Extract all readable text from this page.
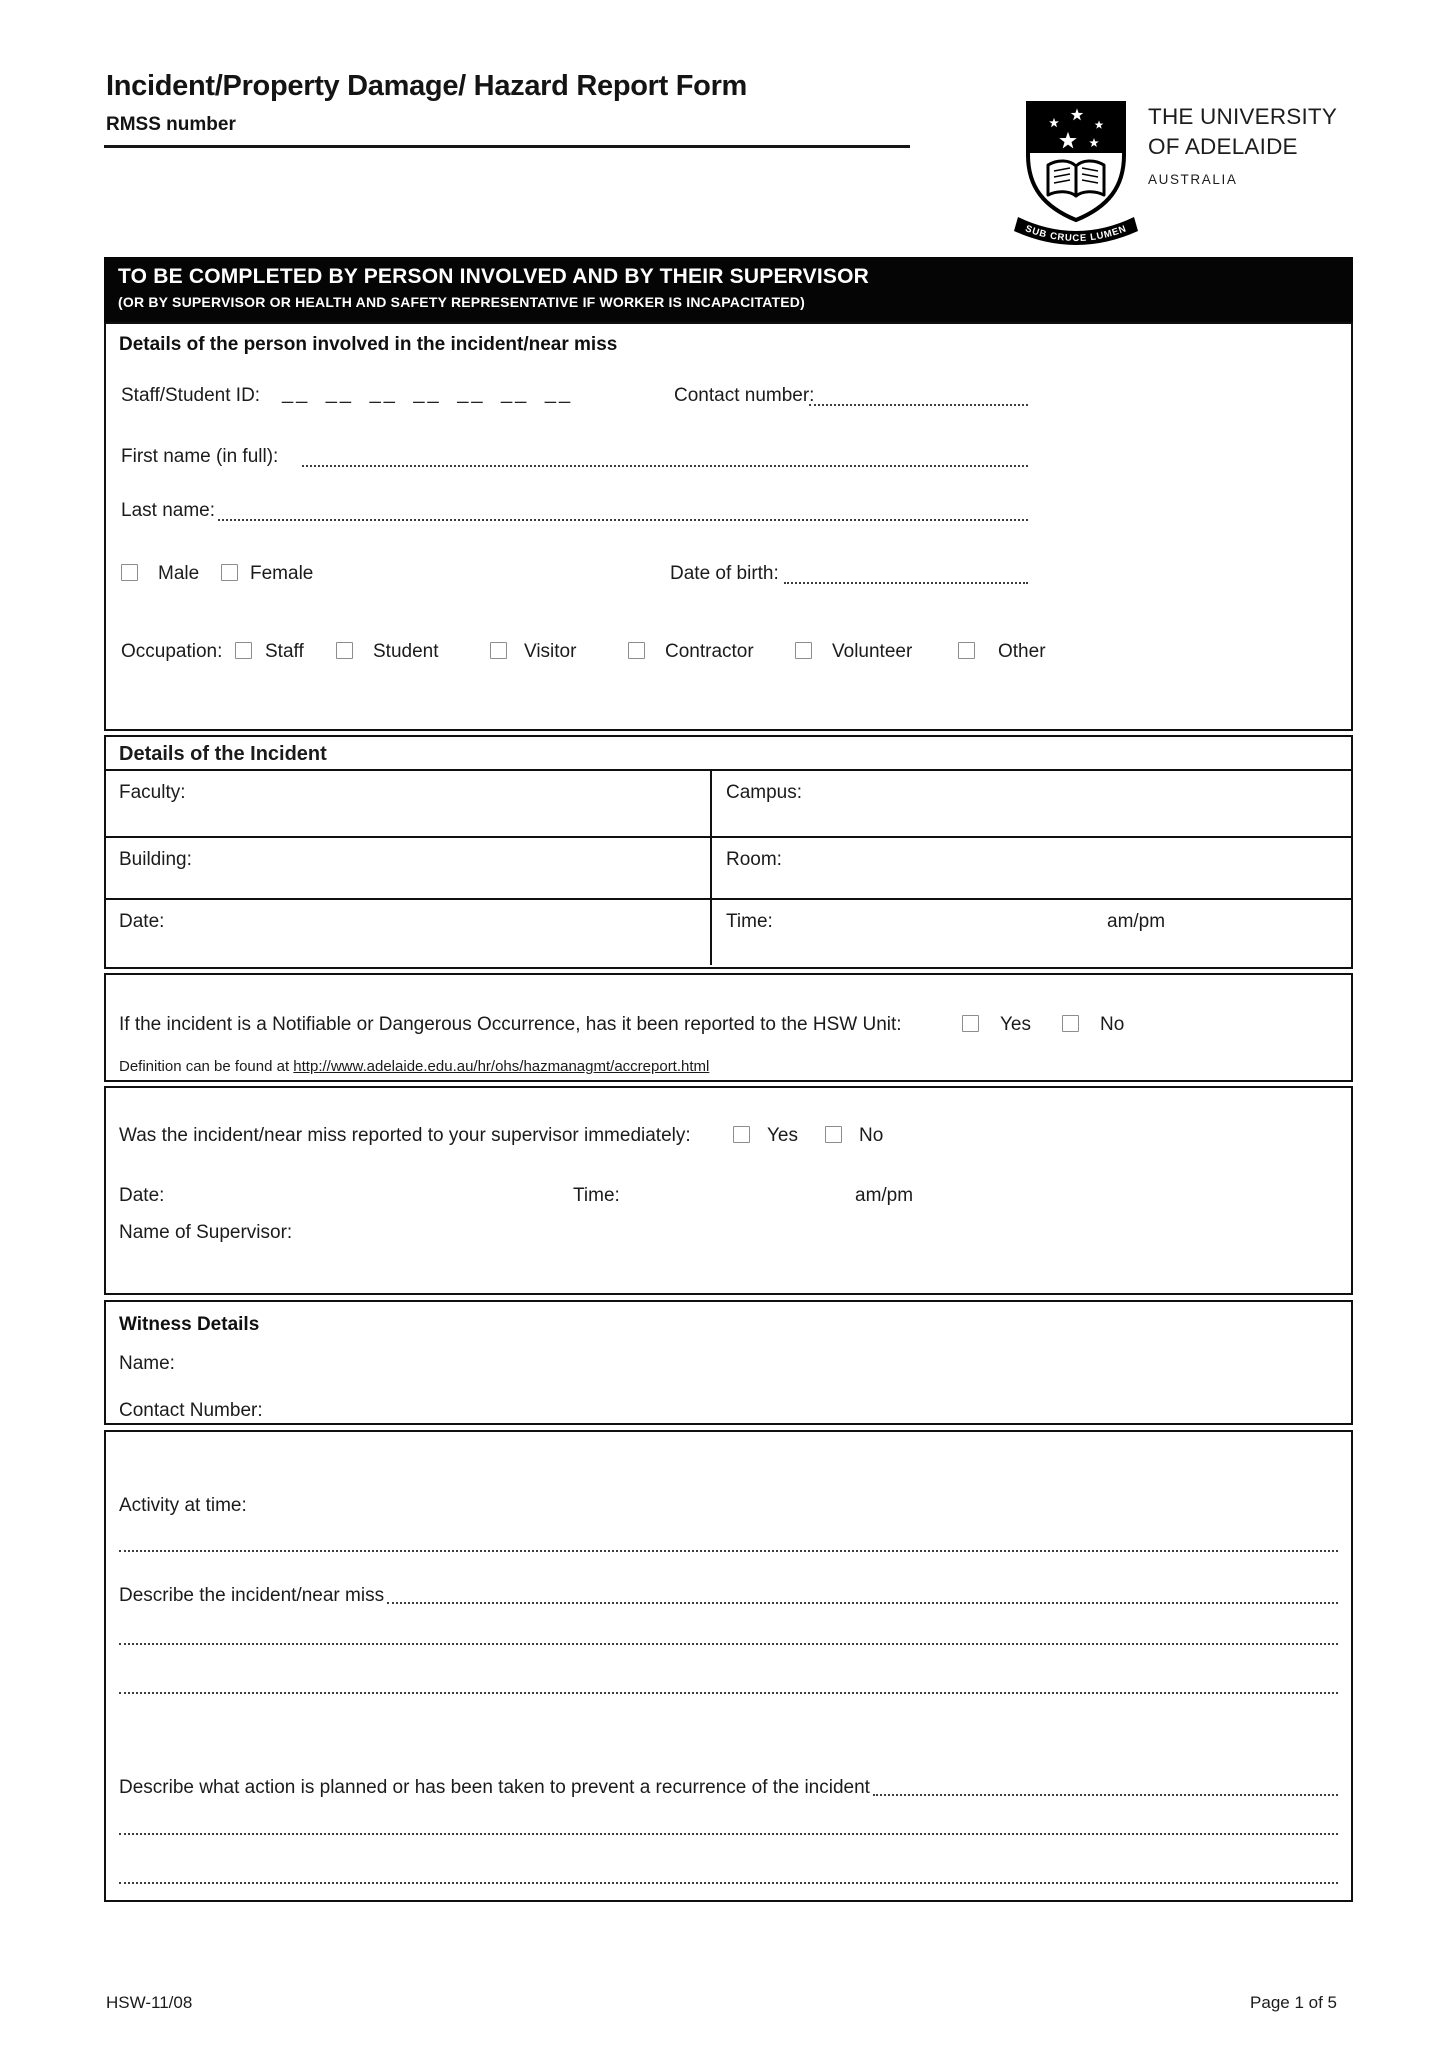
Incident/Property Damage/ Hazard Report Form
RMSS number
SUB CRUCE LUMEN
THE UNIVERSITY
OF ADELAIDE
AUSTRALIA
TO BE COMPLETED BY PERSON INVOLVED AND BY THEIR SUPERVISOR
(OR BY SUPERVISOR OR HEALTH AND SAFETY REPRESENTATIVE IF WORKER IS INCAPACITATED)
Details of the person involved in the incident/near miss
Staff/Student ID: __ __ __ __ __ __ __	Contact number:
First name (in full):
Last name:
Male	Female	Date of birth:
Occupation: Staff	Student	Visitor	Contractor	Volunteer	Other
Details of the Incident
Faculty:	Campus:
Building:	Room:
Date:	Time:	am/pm
If the incident is a Notifiable or Dangerous Occurrence, has it been reported to the HSW Unit:	Yes	No
Definition can be found at http://www.adelaide.edu.au/hr/ohs/hazmanagmt/accreport.html
Was the incident/near miss reported to your supervisor immediately:	Yes	No
Date:	Time:	am/pm
Name of Supervisor:
Witness Details
Name:
Contact Number:
Activity at time:
Describe the incident/near miss
Describe what action is planned or has been taken to prevent a recurrence of the incident
HSW-11/08	Page 1 of 5
